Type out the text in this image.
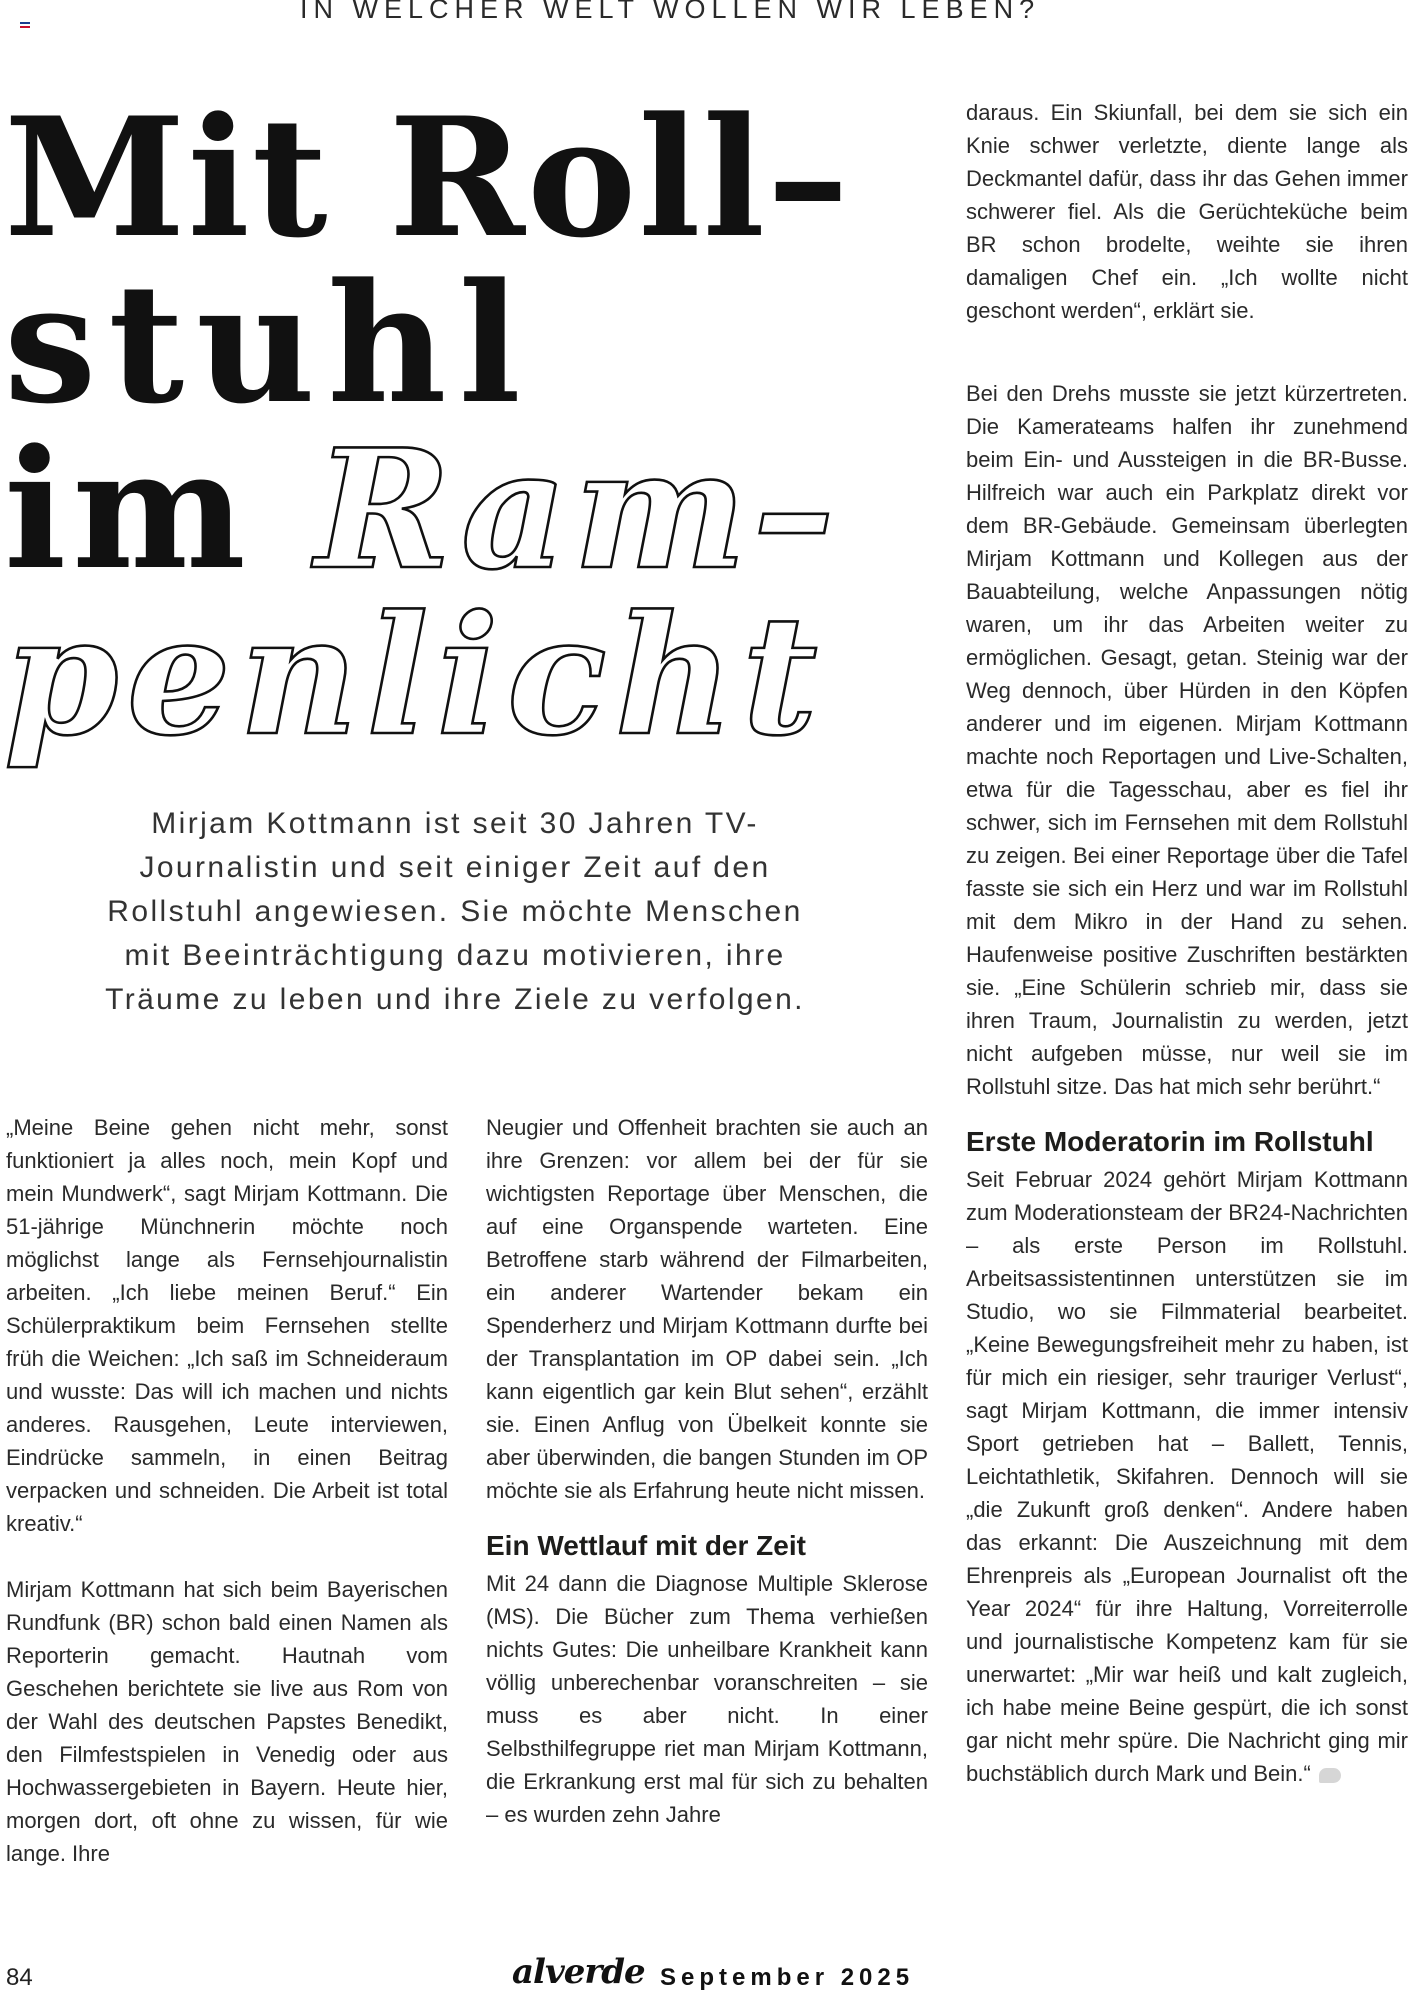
IN WELCHER WELT WOLLEN WIR LEBEN?
Mit Roll–
stuhl
im Ram–
penlicht

Mirjam Kottmann ist seit 30 Jahren TV-Journalistin und seit einiger Zeit auf den Rollstuhl angewiesen. Sie möchte Menschen mit Beeinträchtigung dazu motivieren, ihre Träume zu leben und ihre Ziele zu verfolgen.

„Meine Beine gehen nicht mehr, sonst funktioniert ja alles noch, mein Kopf und mein Mundwerk“, sagt Mirjam Kottmann. Die 51-jährige Münchnerin möchte noch möglichst lange als Fernsehjournalistin arbeiten. „Ich liebe meinen Beruf.“ Ein Schülerpraktikum beim Fernsehen stellte früh die Weichen: „Ich saß im Schneideraum und wusste: Das will ich machen und nichts anderes. Rausgehen, Leute interviewen, Eindrücke sammeln, in einen Beitrag verpacken und schneiden. Die Arbeit ist total kreativ.“

Mirjam Kottmann hat sich beim Bayerischen Rundfunk (BR) schon bald einen Namen als Reporterin gemacht. Hautnah vom Geschehen berichtete sie live aus Rom von der Wahl des deutschen Papstes Benedikt, den Filmfestspielen in Venedig oder aus Hochwassergebieten in Bayern. Heute hier, morgen dort, oft ohne zu wissen, für wie lange. Ihre

Neugier und Offenheit brachten sie auch an ihre Grenzen: vor allem bei der für sie wichtigsten Reportage über Menschen, die auf eine Organspende warteten. Eine Betroffene starb während der Filmarbeiten, ein anderer Wartender bekam ein Spenderherz und Mirjam Kottmann durfte bei der Transplantation im OP dabei sein. „Ich kann eigentlich gar kein Blut sehen“, erzählt sie. Einen Anflug von Übelkeit konnte sie aber überwinden, die bangen Stunden im OP möchte sie als Erfahrung heute nicht missen.

Ein Wettlauf mit der Zeit

Mit 24 dann die Diagnose Multiple Sklerose (MS). Die Bücher zum Thema verhießen nichts Gutes: Die unheilbare Krankheit kann völlig unberechenbar voranschreiten – sie muss es aber nicht. In einer Selbsthilfegruppe riet man Mirjam Kottmann, die Erkrankung erst mal für sich zu behalten – es wurden zehn Jahre

daraus. Ein Skiunfall, bei dem sie sich ein Knie schwer verletzte, diente lange als Deckmantel dafür, dass ihr das Gehen immer schwerer fiel. Als die Gerüchteküche beim BR schon brodelte, weihte sie ihren damaligen Chef ein. „Ich wollte nicht geschont werden“, erklärt sie.

Bei den Drehs musste sie jetzt kürzertreten. Die Kamerateams halfen ihr zunehmend beim Ein- und Aussteigen in die BR-Busse. Hilfreich war auch ein Parkplatz direkt vor dem BR-Gebäude. Gemeinsam überlegten Mirjam Kottmann und Kollegen aus der Bauabteilung, welche Anpassungen nötig waren, um ihr das Arbeiten weiter zu ermöglichen. Gesagt, getan. Steinig war der Weg dennoch, über Hürden in den Köpfen anderer und im eigenen. Mirjam Kottmann machte noch Reportagen und Live-Schalten, etwa für die Tagesschau, aber es fiel ihr schwer, sich im Fernsehen mit dem Rollstuhl zu zeigen. Bei einer Reportage über die Tafel fasste sie sich ein Herz und war im Rollstuhl mit dem Mikro in der Hand zu sehen. Haufenweise positive Zuschriften bestärkten sie. „Eine Schülerin schrieb mir, dass sie ihren Traum, Journalistin zu werden, jetzt nicht aufgeben müsse, nur weil sie im Rollstuhl sitze. Das hat mich sehr berührt.“

Erste Moderatorin im Rollstuhl

Seit Februar 2024 gehört Mirjam Kottmann zum Moderationsteam der BR24-Nachrichten – als erste Person im Rollstuhl. Arbeitsassistentinnen unterstützen sie im Studio, wo sie Filmmaterial bearbeitet. „Keine Bewegungsfreiheit mehr zu haben, ist für mich ein riesiger, sehr trauriger Verlust“, sagt Mirjam Kottmann, die immer intensiv Sport getrieben hat – Ballett, Tennis, Leichtathletik, Skifahren. Dennoch will sie „die Zukunft groß denken“. Andere haben das erkannt: Die Auszeichnung mit dem Ehrenpreis als „European Journalist oft the Year 2024“ für ihre Haltung, Vorreiterrolle und journalistische Kompetenz kam für sie unerwartet: „Mir war heiß und kalt zugleich, ich habe meine Beine gespürt, die ich sonst gar nicht mehr spüre. Die Nachricht ging mir buchstäblich durch Mark und Bein.“

84	alverde September 2025
